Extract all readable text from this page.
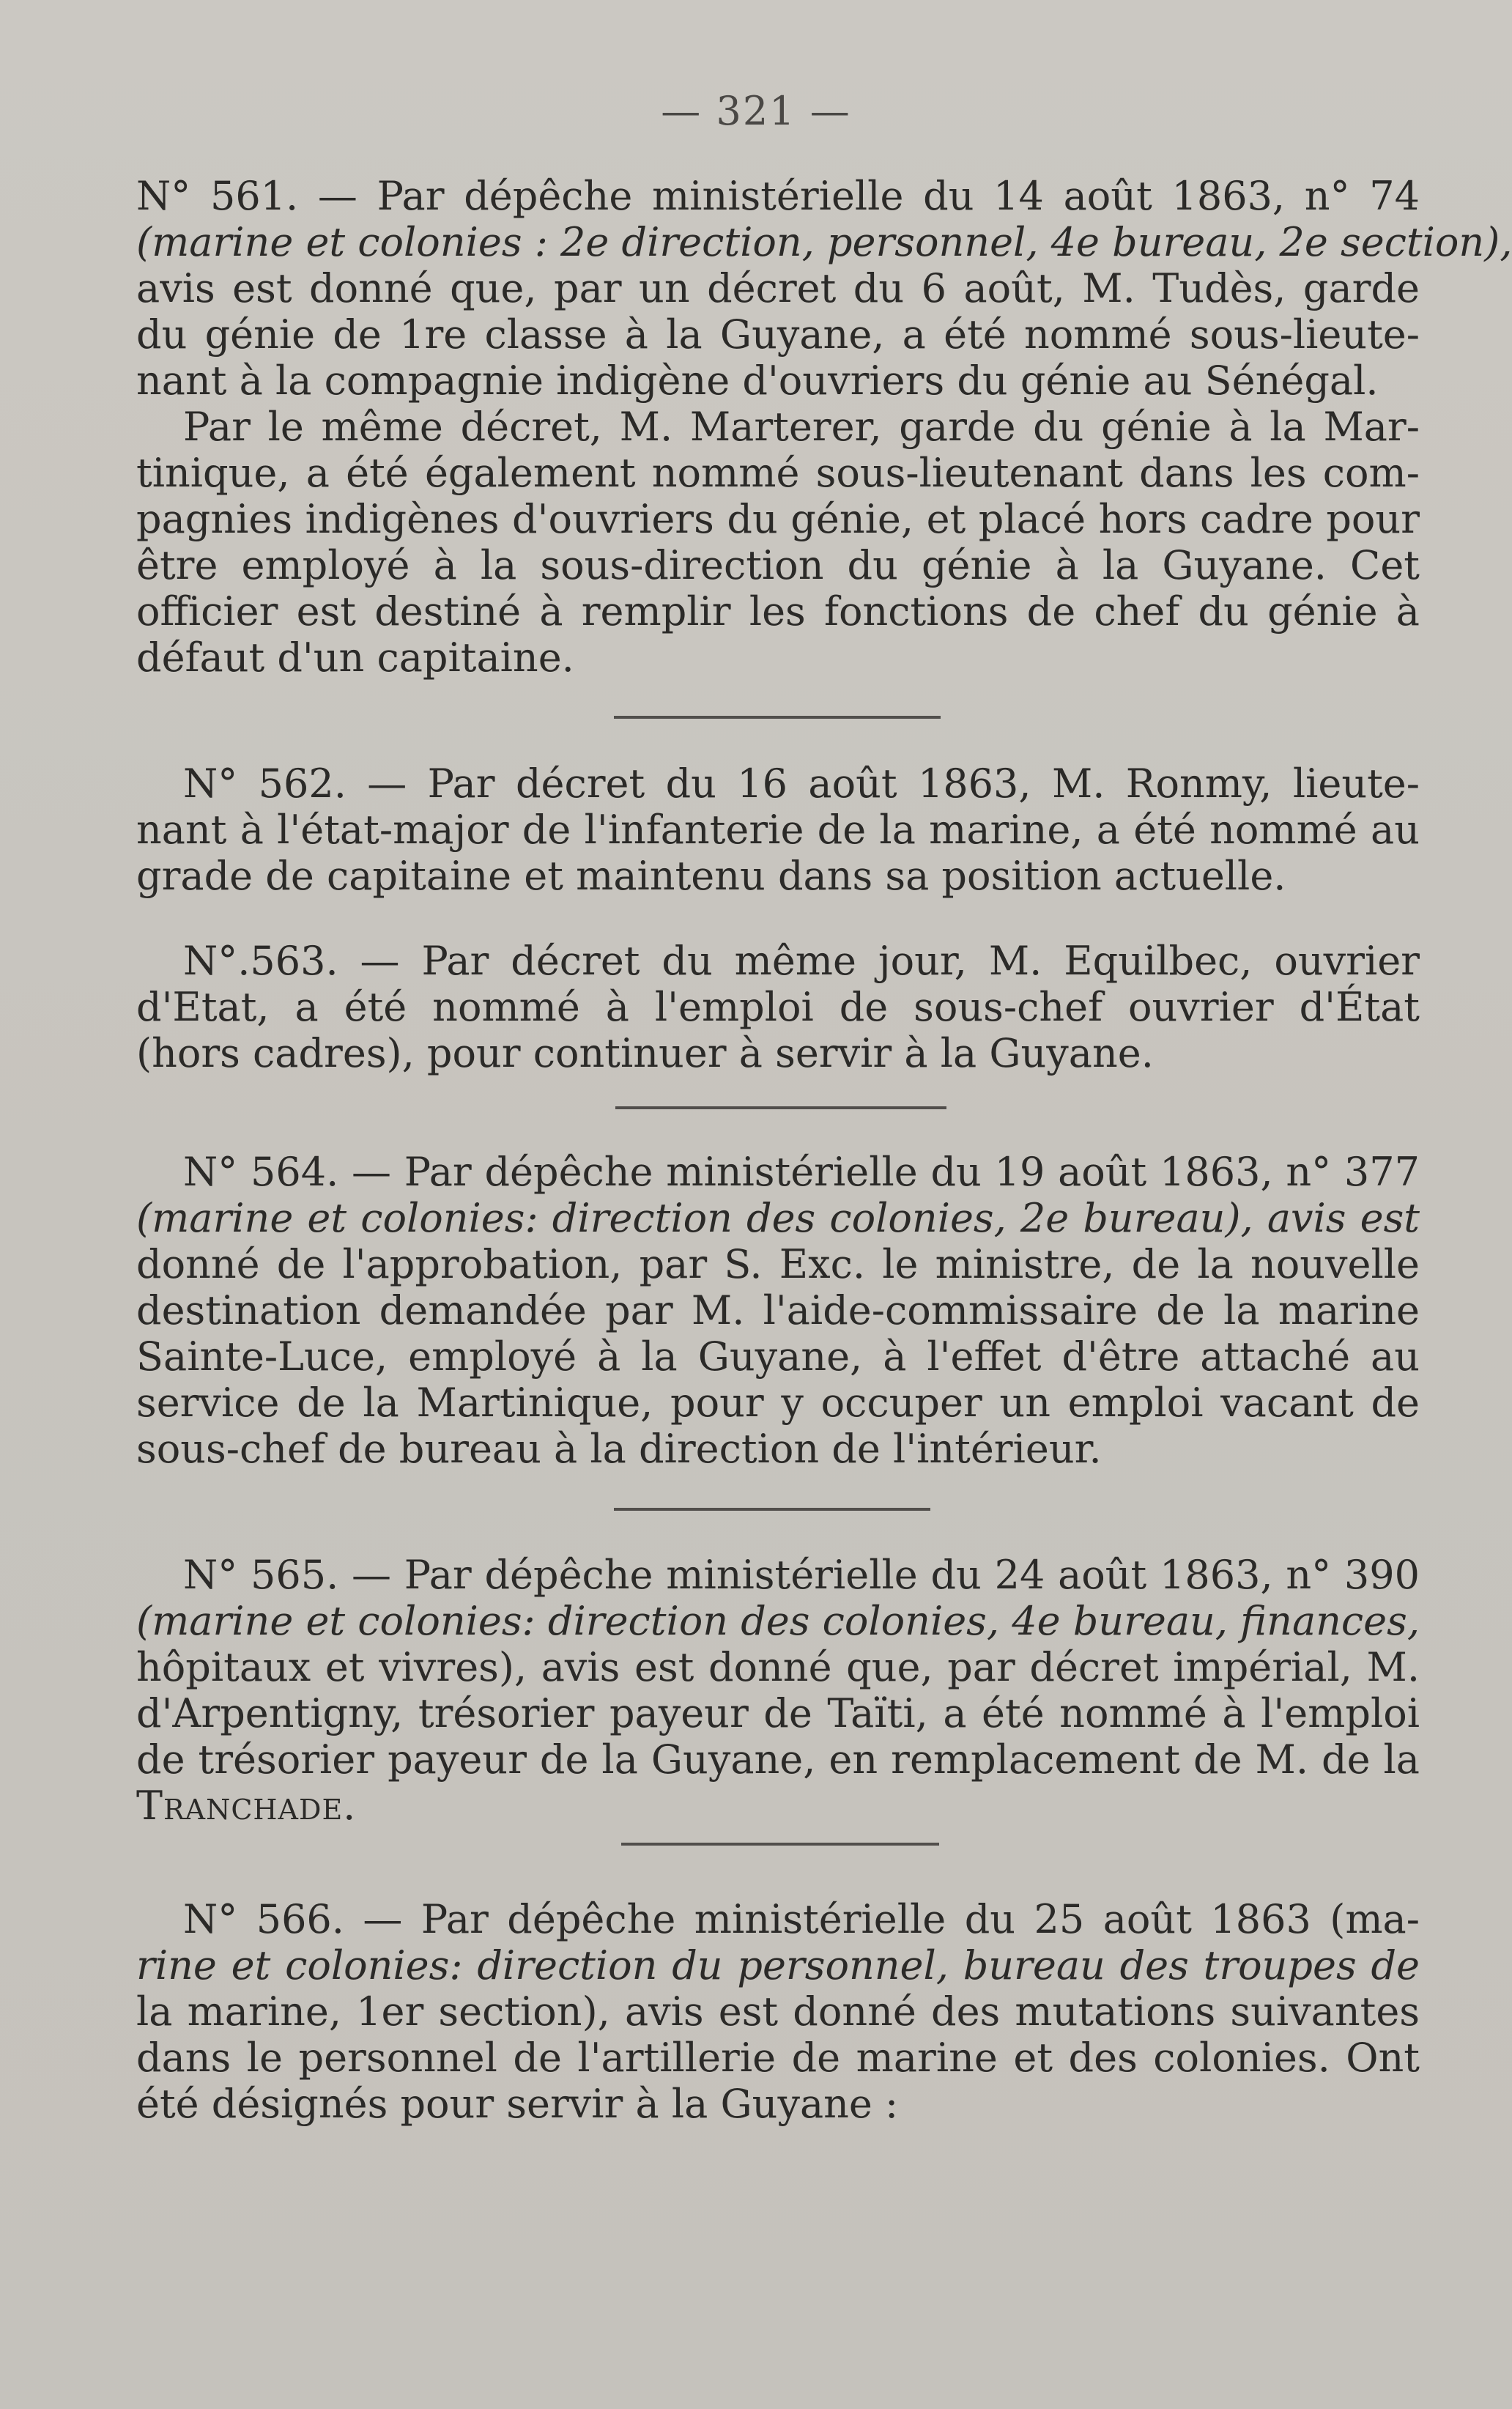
— 321 —

N° 561. — Par dépêche ministérielle du 14 août 1863, n° 74
(marine et colonies : 2e direction, personnel, 4e bureau, 2e section),
avis est donné que, par un décret du 6 août, M. Tudès, garde
du génie de 1re classe à la Guyane, a été nommé sous-lieute-
nant à la compagnie indigène d'ouvriers du génie au Sénégal.

Par le même décret, M. Marterer, garde du génie à la Mar-
tinique, a été également nommé sous-lieutenant dans les com-
pagnies indigènes d'ouvriers du génie, et placé hors cadre pour
être employé à la sous-direction du génie à la Guyane. Cet
officier est destiné à remplir les fonctions de chef du génie à
défaut d'un capitaine.

N° 562. — Par décret du 16 août 1863, M. Ronmy, lieute-
nant à l'état-major de l'infanterie de la marine, a été nommé au
grade de capitaine et maintenu dans sa position actuelle.

N°.563. — Par décret du même jour, M. Equilbec, ouvrier
d'Etat, a été nommé à l'emploi de sous-chef ouvrier d'État
(hors cadres), pour continuer à servir à la Guyane.

N° 564. — Par dépêche ministérielle du 19 août 1863, n° 377
(marine et colonies: direction des colonies, 2e bureau), avis est
donné de l'approbation, par S. Exc. le ministre, de la nouvelle
destination demandée par M. l'aide-commissaire de la marine
Sainte-Luce, employé à la Guyane, à l'effet d'être attaché au
service de la Martinique, pour y occuper un emploi vacant de
sous-chef de bureau à la direction de l'intérieur.

N° 565. — Par dépêche ministérielle du 24 août 1863, n° 390
(marine et colonies: direction des colonies, 4e bureau, finances,
hôpitaux et vivres), avis est donné que, par décret impérial, M.
d'Arpentigny, trésorier payeur de Taïti, a été nommé à l'emploi
de trésorier payeur de la Guyane, en remplacement de M. de la
Tranchade.

N° 566. — Par dépêche ministérielle du 25 août 1863 (ma-
rine et colonies: direction du personnel, bureau des troupes de
la marine, 1er section), avis est donné des mutations suivantes
dans le personnel de l'artillerie de marine et des colonies. Ont
été désignés pour servir à la Guyane :
